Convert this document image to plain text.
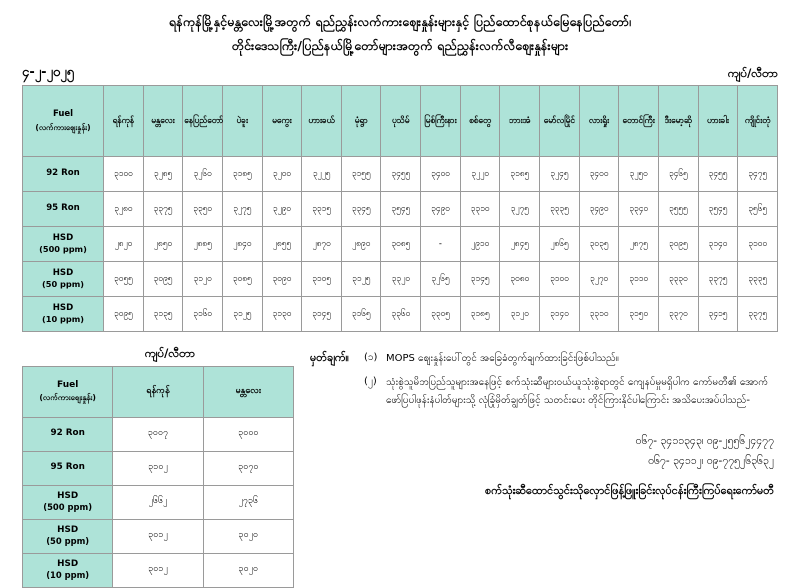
ရန်ကုန်မြို့နှင့်မန္တလေးမြို့အတွက် ရည်ညွှန်းလက်ကားဈေးနှုန်းများနှင့် ပြည်ထောင်စုနယ်မြေနေပြည်တော်၊
တိုင်းဒေသကြီး/ပြည်နယ်မြို့တော်များအတွက် ရည်ညွှန်းလက်လီဈေးနှုန်းများ
၄-၂-၂၀၂၅	ကျပ်/လီတာ
Fuel
(လက်ကားဈေးနှုန်း)	ရန်ကုန်	မန္တလေး	နေပြည်တော်	ပဲခူး	မကွေး	ဟားခယ်	မုံရွာ	ပုသိမ်	မြစ်ကြီးနား	စစ်တွေ	ဘားအံ	မော်လမြိုင်	လားရှိုး	တောင်ကြီး	ဒီးမော့ဆို	ဟားခါး	ကျိုင်းတုံ
92 Ron	၃၁၀၀	၃၂၈၅	၃၂၆၀	၃၁၈၅	၃၂၀၀	၃၂၂၅	၃၁၅၅	၃၄၅၅	၃၄၀၀	၃၂၂၀	၃၁၈၅	၃၂၄၅	၃၄၀၀	၃၂၅၀	၃၄၆၅	၃၄၅၅	၃၄၇၅
95 Ron	၃၂၈၀	၃၃၇၅	၃၃၅၀	၃၂၇၅	၃၂၉၀	၃၃၁၅	၃၃၄၅	၃၅၄၅	၃၄၉၀	၃၃၁၀	၃၂၇၅	၃၃၃၅	၃၄၉၀	၃၃၄၀	၃၅၅၅	၃၅၄၅	၃၅၆၅
HSD
(500 ppm)	၂၈၂၀	၂၈၅၀	၂၈၈၅	၂၈၄၀	၂၈၅၅	၂၈၇၀	၂၈၉၀	၃၀၈၅	-	၂၉၁၀	၂၈၄၅	၂၈၆၅	၃၀၃၅	၂၈၇၅	၃၀၉၅	၃၁၄၀	၃၁၀၀
HSD
(50 ppm)	၃၀၅၅	၃၀၉၅	၃၁၂၀	၃၀၈၅	၃၀၉၀	၃၁၀၅	၃၁၂၅	၃၃၂၀	၃၂၆၅	၃၁၄၅	၃၀၈၀	၃၁၀၀	၃၂၇၀	၃၁၁၀	၃၃၃၀	၃၃၇၅	၃၃၃၅
HSD
(10 ppm)	၃၀၉၅	၃၁၃၅	၃၁၆၀	၃၁၂၅	၃၁၃၀	၃၁၄၅	၃၁၆၅	၃၃၆၀	၃၃၀၅	၃၁၈၅	၃၁၂၀	၃၁၄၀	၃၃၁၀	၃၁၅၀	၃၃၇၀	၃၄၁၅	၃၃၇၅
ကျပ်/လီတာ
Fuel
(လက်ကားဈေးနှုန်း)	ရန်ကုန်	မန္တလေး
92 Ron	၃၀၀၇	၃၀၀၀
95 Ron	၃၁၀၂	၃၀၇၀
HSD
(500 ppm)	၂၆၆၂	၂၇၃၆
HSD
(50 ppm)	၃၀၁၂	၃၀၂၀
HSD
(10 ppm)	၃၀၁၂	၃၀၂၀
မှတ်ချက်။	(၁) MOPS ဈေးနှုန်းပေါ်တွင် အခြေခံတွက်ချက်ထားခြင်းဖြစ်ပါသည်။
(၂) သုံးစွဲသူမိဘပြည်သူများအနေဖြင့် စက်သုံးဆီများဝယ်ယူသုံးစွဲရာတွင် ကျေနပ်မှုမရှိပါက ကော်မတီ၏ အောက်ဖော်ပြပါဖုန်းနံပါတ်များသို့ လုံခြုံမှိတ်ချွတ်ဖြင့် သတင်းပေး တိုင်ကြားနိုင်ပါကြောင်း အသိပေးအပ်ပါသည်-
၀၆၇- ၃၄၁၁၃၄၃၊ ၀၉-၂၅၅၆၂၄၄၇၇
၀၆၇- ၃၄၁၁၂၊ ၀၉-၇၇၅၂၆၃၆၃၂
စက်သုံးဆီထောင်သွင်းသိုလှောင်ဖြန့်ဖြူးခြင်းလုပ်ငန်းကြီးကြပ်ရေးကော်မတီ
